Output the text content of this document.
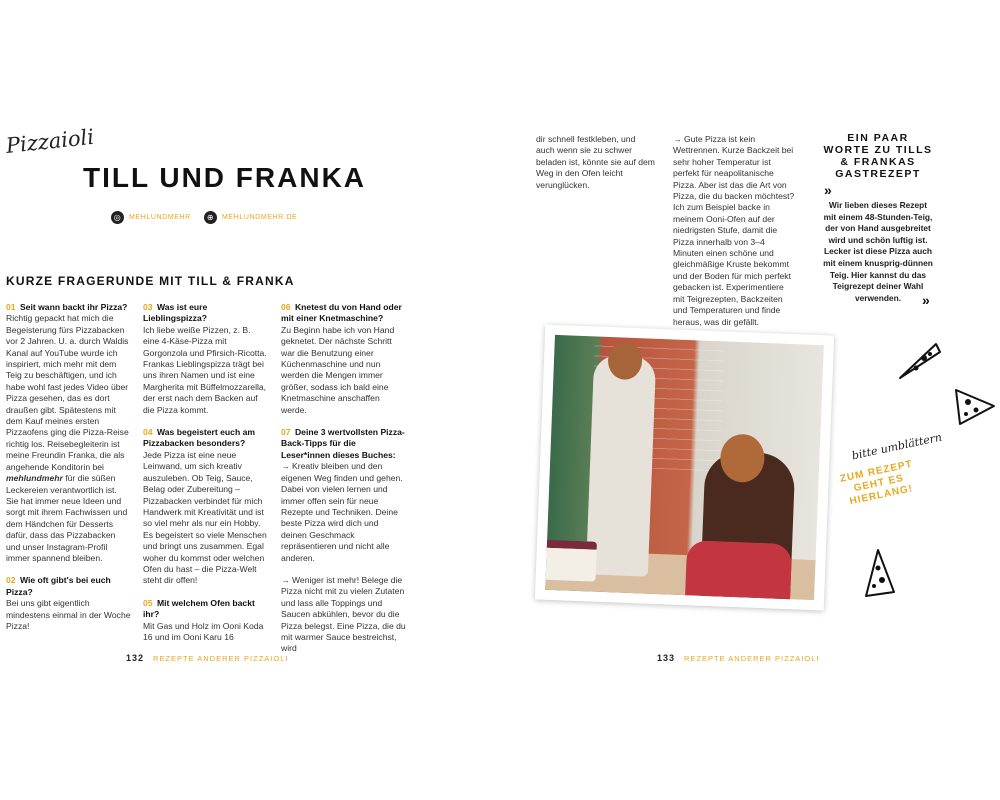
Pizzaioli
TILL UND FRANKA
◎	MEHLUNDMEHR	⊕	MEHLUNDMEHR.DE
KURZE FRAGERUNDE MIT TILL & FRANKA

01 Seit wann backt ihr Pizza?
Richtig gepackt hat mich die Begeisterung fürs Pizzabacken vor 2 Jahren. U. a. durch Waldis Kanal auf YouTube wurde ich inspiriert, mich mehr mit dem Teig zu beschäftigen, und ich habe wohl fast jedes Video über Pizza gesehen, das es dort draußen gibt. Spätestens mit dem Kauf meines ersten Pizzaofens ging die Pizza-Reise richtig los. Reisebegleiterin ist meine Freundin Franka, die als angehende Konditorin bei mehlundmehr für die süßen Leckereien verantwortlich ist. Sie hat immer neue Ideen und sorgt mit ihrem Fachwissen und dem Händchen für Desserts dafür, dass das Pizzabacken und unser Instagram-Profil immer spannend bleiben.

02 Wie oft gibt's bei euch Pizza?
Bei uns gibt eigentlich mindestens einmal in der Woche Pizza!

03 Was ist eure Lieblingspizza?
Ich liebe weiße Pizzen, z. B. eine 4-Käse-Pizza mit Gorgonzola und Pfirsich-Ricotta. Frankas Lieblingspizza trägt bei uns ihren Namen und ist eine Margherita mit Büffelmozzarella, der erst nach dem Backen auf die Pizza kommt.

04 Was begeistert euch am Pizzabacken besonders?
Jede Pizza ist eine neue Leinwand, um sich kreativ auszuleben. Ob Teig, Sauce, Belag oder Zubereitung – Pizzabacken verbindet für mich Handwerk mit Kreativität und ist so viel mehr als nur ein Hobby. Es begeistert so viele Menschen und bringt uns zusammen. Egal woher du kommst oder welchen Ofen du hast – die Pizza-Welt steht dir offen!

05 Mit welchem Ofen backt ihr?
Mit Gas und Holz im Ooni Koda 16 und im Ooni Karu 16

06 Knetest du von Hand oder mit einer Knetmaschine?
Zu Beginn habe ich von Hand geknetet. Der nächste Schritt war die Benutzung einer Küchenmaschine und nun werden die Mengen immer größer, sodass ich bald eine Knetmaschine anschaffen werde.

07 Deine 3 wertvollsten Pizza-Back-Tipps für die Leser*innen dieses Buches:
→ Kreativ bleiben und den eigenen Weg finden und gehen. Dabei von vielen lernen und immer offen sein für neue Rezepte und Techniken. Deine beste Pizza wird dich und deinen Geschmack repräsentieren und nicht alle anderen.
→ Weniger ist mehr! Belege die Pizza nicht mit zu vielen Zutaten und lass alle Toppings und Saucen abkühlen, bevor du die Pizza belegst. Eine Pizza, die du mit warmer Sauce bestreichst, wird

132 REZEPTE ANDERER PIZZAIOLI

dir schnell festkleben, und auch wenn sie zu schwer beladen ist, könnte sie auf dem Weg in den Ofen leicht verunglücken.

→ Gute Pizza ist kein Wettrennen. Kurze Backzeit bei sehr hoher Temperatur ist perfekt für neapolitanische Pizza. Aber ist das die Art von Pizza, die du backen möchtest? Ich zum Beispiel backe in meinem Ooni-Ofen auf der niedrigsten Stufe, damit die Pizza innerhalb von 3–4 Minuten einen schöne und gleichmäßige Kruste bekommt und der Boden für mich perfekt gebacken ist. Experimentiere mit Teigrezepten, Backzeiten und Temperaturen und finde heraus, was dir gefällt.

EIN PAAR WORTE ZU TILLS & FRANKAS GASTREZEPT
Wir lieben dieses Rezept mit einem 48-Stunden-Teig, der von Hand ausgebreitet wird und schön luftig ist. Lecker ist diese Pizza auch mit einem knusprig-dünnen Teig. Hier kannst du das Teigrezept deiner Wahl verwenden.
»
»
bitte umblättern
ZUM REZEPT GEHT ES HIERLANG!
133 REZEPTE ANDERER PIZZAIOLI
